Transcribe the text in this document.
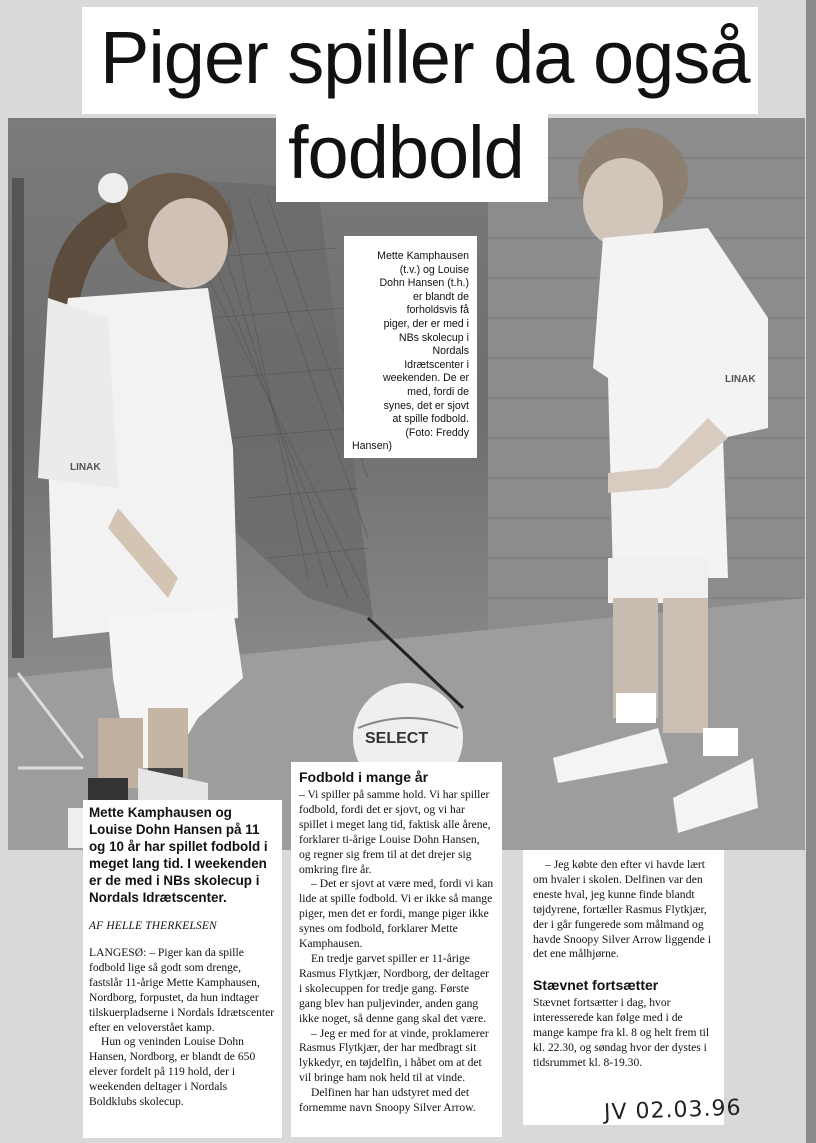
LINAK
LINAK
SELECT
Piger spiller da også
fodbold
Mette Kamphausen
(t.v.) og Louise
Dohn Hansen (t.h.)
er blandt de
forholdsvis få
piger, der er med i
NBs skolecup i
Nordals
Idrætscenter i
weekenden. De er
med, fordi de
synes, det er sjovt
at spille fodbold.
(Foto: Freddy
Hansen)

Mette Kamphausen og Louise Dohn Hansen på 11 og 10 år har spillet fodbold i meget lang tid. I weekenden er de med i NBs skolecup i Nordals Idrætscenter.

AF HELLE THERKELSEN

LANGESØ: – Piger kan da spille fodbold lige så godt som drenge, fastslår 11-årige Mette Kamphausen, Nordborg, forpustet, da hun indtager tilskuerpladserne i Nordals Idrætscenter efter en veloverstået kamp.

Hun og veninden Louise Dohn Hansen, Nordborg, er blandt de 650 elever fordelt på 119 hold, der i weekenden deltager i Nordals Boldklubs skolecup.

Fodbold i mange år

– Vi spiller på samme hold. Vi har spiller fodbold, fordi det er sjovt, og vi har spillet i meget lang tid, faktisk alle årene, forklarer ti-årige Louise Dohn Hansen, og regner sig frem til at det drejer sig omkring fire år.

– Det er sjovt at være med, fordi vi kan lide at spille fodbold. Vi er ikke så mange piger, men det er fordi, mange piger ikke synes om fodbold, forklarer Mette Kamphausen.

En tredje garvet spiller er 11-årige Rasmus Flytkjær, Nordborg, der deltager i skolecuppen for tredje gang. Første gang blev han puljevinder, anden gang ikke noget, så denne gang skal det være.

– Jeg er med for at vinde, proklamerer Rasmus Flytkjær, der har medbragt sit lykkedyr, en tøjdelfin, i håbet om at det vil bringe ham nok held til at vinde.

Delfinen har han udstyret med det fornemme navn Snoopy Silver Arrow.

– Jeg købte den efter vi havde lært om hvaler i skolen. Delfinen var den eneste hval, jeg kunne finde blandt tøjdyrene, fortæller Rasmus Flytkjær, der i går fungerede som målmand og havde Snoopy Silver Arrow liggende i det ene målhjørne.

Stævnet fortsætter

Stævnet fortsætter i dag, hvor interesserede kan følge med i de mange kampe fra kl. 8 og helt frem til kl. 22.30, og søndag hvor der dystes i tidsrummet kl. 8-19.30.

JV 02.03.96
